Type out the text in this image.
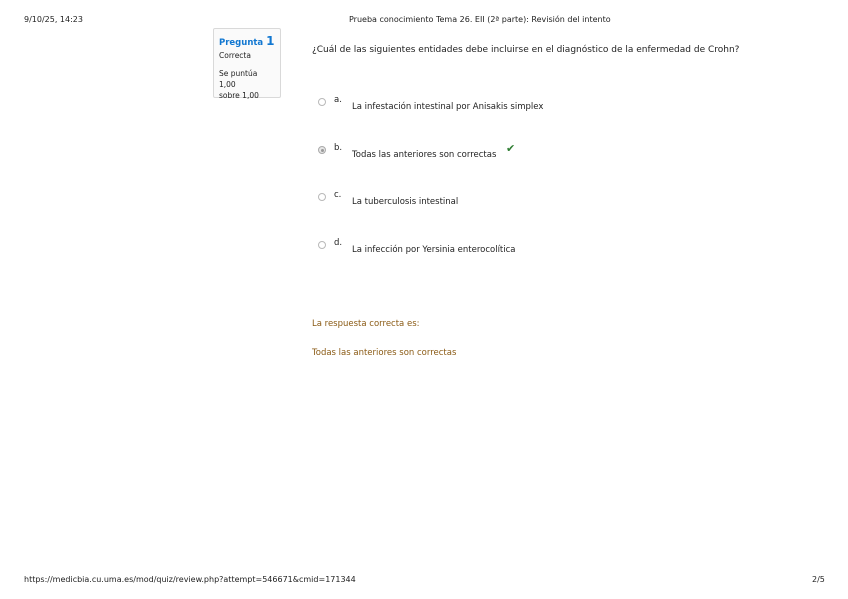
9/10/25, 14:23	Prueba conocimiento Tema 26. EII (2ª parte): Revisión del intento
Pregunta 1
Correcta
Se puntúa 1,00
sobre 1,00
¿Cuál de las siguientes entidades debe incluirse en el diagnóstico de la enfermedad de Crohn?
a.
La infestación intestinal por Anisakis simplex
b.
Todas las anteriores son correctas ✔
c.
La tuberculosis intestinal
d.
La infección por Yersinia enterocolítica
La respuesta correcta es:
Todas las anteriores son correctas
https://medicbia.cu.uma.es/mod/quiz/review.php?attempt=546671&cmid=171344	2/5
